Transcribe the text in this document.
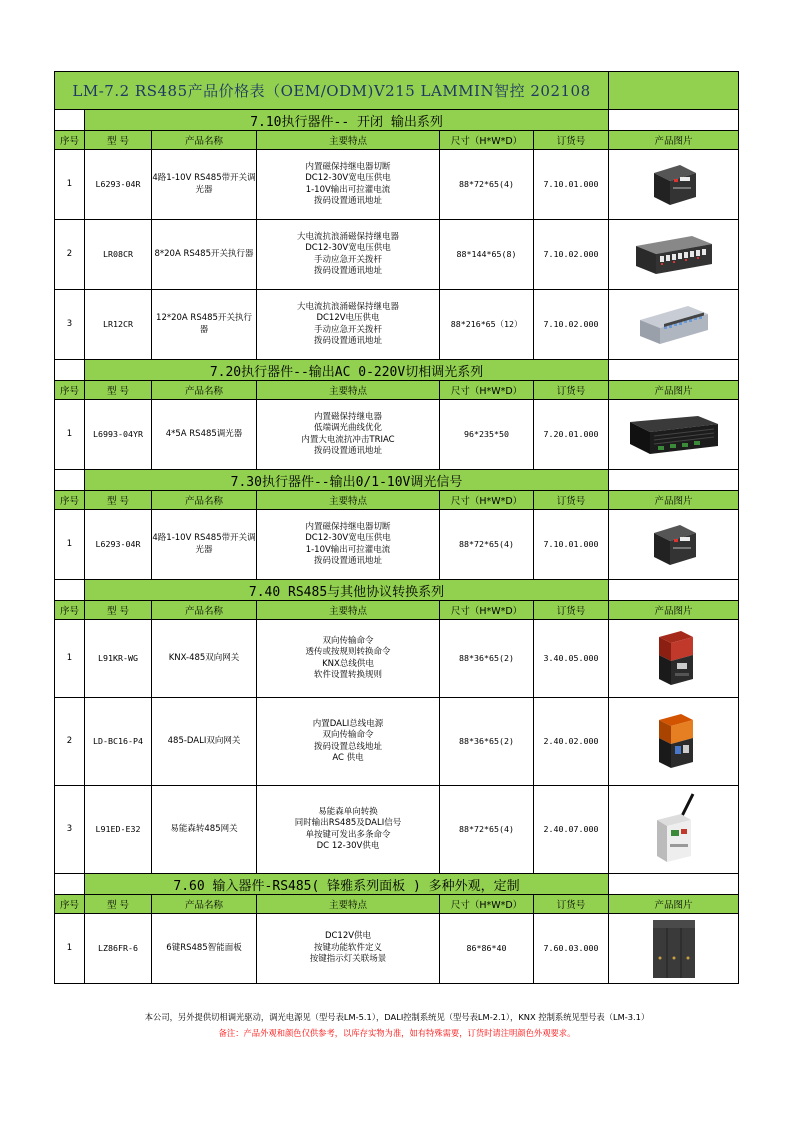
LM-7.2 RS485产品价格表（OEM/ODM)V215 LAMMIN智控 202108						
	7.10执行器件-- 开闭 输出系列					
序号	型 号	产品名称	主要特点	尺寸（H*W*D）	订货号	产品图片
1	L6293-04R	4路1-10V RS485带开关调光器	内置磁保持继电器切断
DC12-30V宽电压供电
1-10V输出可拉灌电流
拨码设置通讯地址	88*72*65(4)	7.10.01.000	

2	LR08CR	8*20A RS485开关执行器	大电流抗浪涌磁保持继电器
DC12-30V宽电压供电
手动应急开关拨杆
拨码设置通讯地址	88*144*65(8)	7.10.02.000	

3	LR12CR	12*20A RS485开关执行器	大电流抗浪涌磁保持继电器
DC12V电压供电
手动应急开关拨杆
拨码设置通讯地址	88*216*65（12）	7.10.02.000	

	7.20执行器件--输出AC 0-220V切相调光系列					
序号	型 号	产品名称	主要特点	尺寸（H*W*D）	订货号	产品图片
1	L6993-04YR	4*5A RS485调光器	内置磁保持继电器
低端调光曲线优化
内置大电流抗冲击TRIAC
拨码设置通讯地址	96*235*50	7.20.01.000	

	7.30执行器件--输出0/1-10V调光信号					
序号	型 号	产品名称	主要特点	尺寸（H*W*D）	订货号	产品图片
1	L6293-04R	4路1-10V RS485带开关调光器	内置磁保持继电器切断
DC12-30V宽电压供电
1-10V输出可拉灌电流
拨码设置通讯地址	88*72*65(4)	7.10.01.000	

	7.40 RS485与其他协议转换系列					
序号	型 号	产品名称	主要特点	尺寸（H*W*D）	订货号	产品图片
1	L91KR-WG	KNX-485双向网关	双向传输命令
透传或按规则转换命令
KNX总线供电
软件设置转换规则	88*36*65(2)	3.40.05.000	

2	LD-BC16-P4	485-DALI双向网关	内置DALI总线电源
双向传输命令
拨码设置总线地址
AC 供电	88*36*65(2)	2.40.02.000	

3	L91ED-E32	易能森转485网关	易能森单向转换
同时输出RS485及DALI信号
单按键可发出多条命令
DC 12-30V供电	88*72*65(4)	2.40.07.000	

	7.60 输入器件-RS485( 锋雅系列面板 ) 多种外观，定制					
序号	型 号	产品名称	主要特点	尺寸（H*W*D）	订货号	产品图片
1	LZ86FR-6	6键RS485智能面板	DC12V供电
按键功能软件定义
按键指示灯关联场景	86*86*40	7.60.03.000	
本公司，另外提供切相调光驱动，调光电源见（型号表LM-5.1），DALI控制系统见（型号表LM-2.1），KNX 控制系统见型号表（LM-3.1）
备注：产品外观和颜色仅供参考，以库存实物为准，如有特殊需要，订货时请注明颜色外观要求。
